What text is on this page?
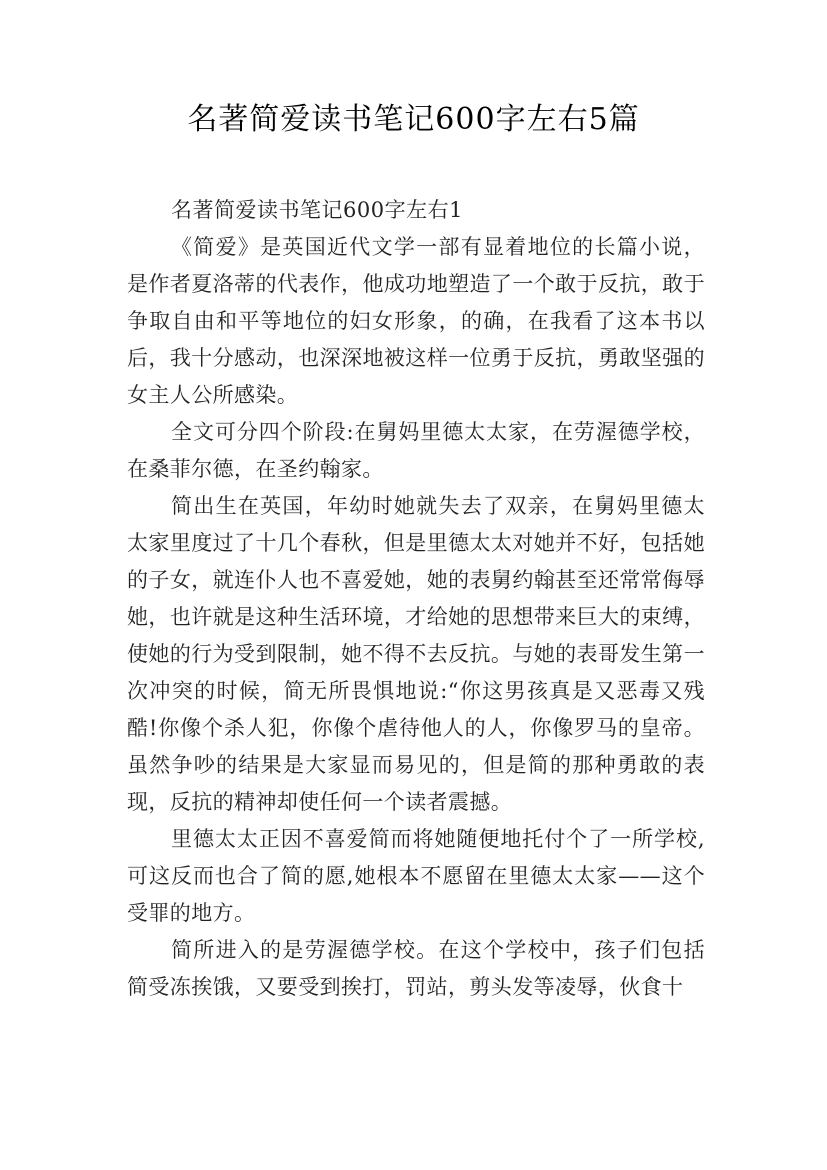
名著简爱读书笔记600字左右5篇

名著简爱读书笔记600字左右1

《简爱》是英国近代文学一部有显着地位的长篇小说，是作者夏洛蒂的代表作，他成功地塑造了一个敢于反抗，敢于争取自由和平等地位的妇女形象，的确，在我看了这本书以后，我十分感动，也深深地被这样一位勇于反抗，勇敢坚强的女主人公所感染。

全文可分四个阶段:在舅妈里德太太家，在劳渥德学校，在桑菲尔德，在圣约翰家。

简出生在英国，年幼时她就失去了双亲，在舅妈里德太太家里度过了十几个春秋，但是里德太太对她并不好，包括她的子女，就连仆人也不喜爱她，她的表舅约翰甚至还常常侮辱她，也许就是这种生活环境，才给她的思想带来巨大的束缚，使她的行为受到限制，她不得不去反抗。与她的表哥发生第一次冲突的时候，简无所畏惧地说:“你这男孩真是又恶毒又残酷!你像个杀人犯，你像个虐待他人的人，你像罗马的皇帝。虽然争吵的结果是大家显而易见的，但是简的那种勇敢的表现，反抗的精神却使任何一个读者震撼。

里德太太正因不喜爱简而将她随便地托付个了一所学校,可这反而也合了简的愿,她根本不愿留在里德太太家——这个受罪的地方。

简所进入的是劳渥德学校。在这个学校中，孩子们包括简受冻挨饿，又要受到挨打，罚站，剪头发等凌辱，伙食十
